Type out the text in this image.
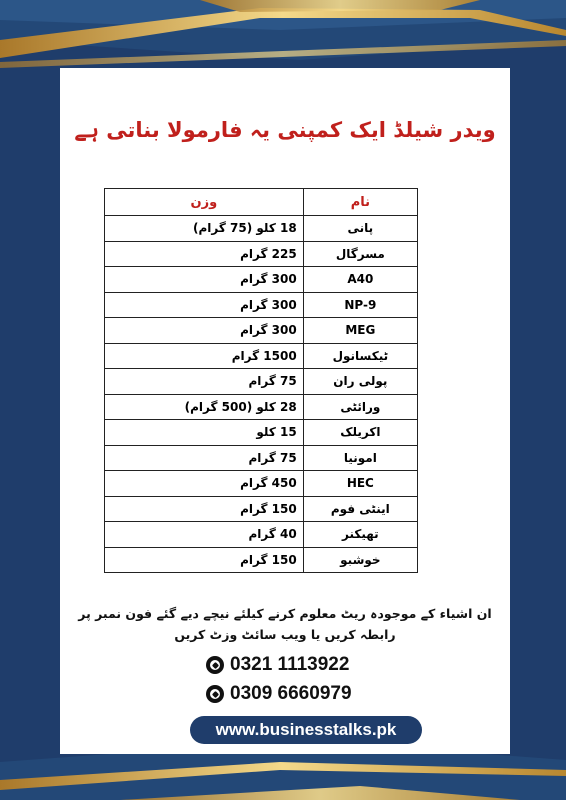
ویدر شیلڈ ایک کمپنی یہ فارمولا بناتی ہے
وزن	نام
18 کلو (75 گرام)	پانی
225 گرام	مسرگال
300 گرام	A40
300 گرام	NP-9
300 گرام	MEG
1500 گرام	ٹیکسانول
75 گرام	پولی ران
28 کلو (500 گرام)	ورائٹی
15 کلو	اکریلک
75 گرام	امونیا
450 گرام	HEC
150 گرام	اینٹی فوم
40 گرام	تھیکنر
150 گرام	خوشبو
ان اشیاء کے موجودہ ریٹ معلوم کرنے کیلئے نیچے دیے گئے فون نمبر پر
رابطہ کریں یا ویب سائٹ وزٹ کریں
0321 1113922
0309 6660979
www.businesstalks.pk
